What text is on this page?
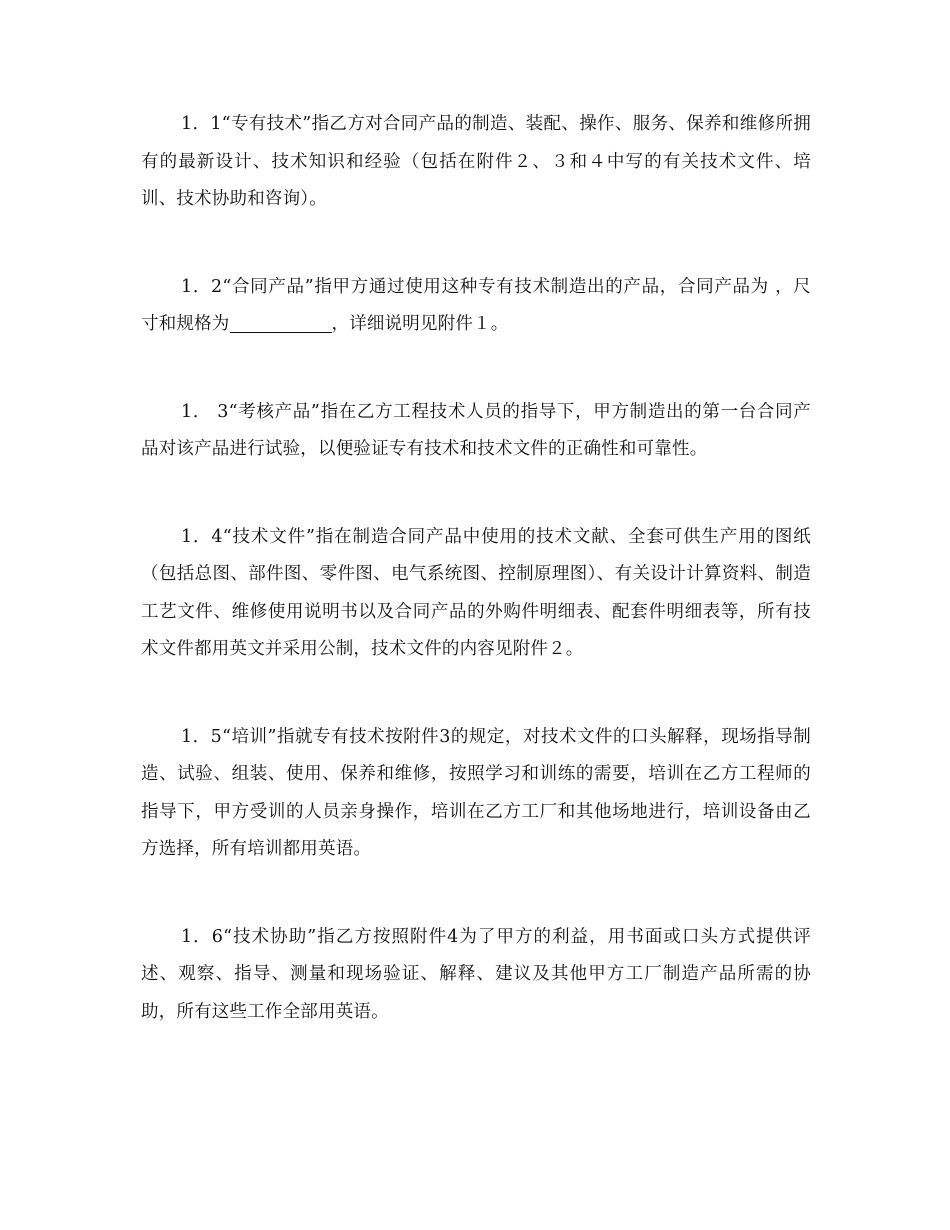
1．1“专有技术”指乙方对合同产品的制造、装配、操作、服务、保养和维修所拥有的最新设计、技术知识和经验（包括在附件２、３和４中写的有关技术文件、培训、技术协助和咨询）。

1．2“合同产品”指甲方通过使用这种专有技术制造出的产品，合同产品为 ，尺寸和规格为	，详细说明见附件１。

1． 3“考核产品”指在乙方工程技术人员的指导下，甲方制造出的第一台合同产品对该产品进行试验，以便验证专有技术和技术文件的正确性和可靠性。

1．4“技术文件”指在制造合同产品中使用的技术文献、全套可供生产用的图纸（包括总图、部件图、零件图、电气系统图、控制原理图）、有关设计计算资料、制造工艺文件、维修使用说明书以及合同产品的外购件明细表、配套件明细表等，所有技术文件都用英文并采用公制，技术文件的内容见附件２。

1．5“培训”指就专有技术按附件3的规定，对技术文件的口头解释，现场指导制造、试验、组装、使用、保养和维修，按照学习和训练的需要，培训在乙方工程师的指导下，甲方受训的人员亲身操作，培训在乙方工厂和其他场地进行，培训设备由乙方选择，所有培训都用英语。

1．6“技术协助”指乙方按照附件4为了甲方的利益，用书面或口头方式提供评述、观察、指导、测量和现场验证、解释、建议及其他甲方工厂制造产品所需的协助，所有这些工作全部用英语。
